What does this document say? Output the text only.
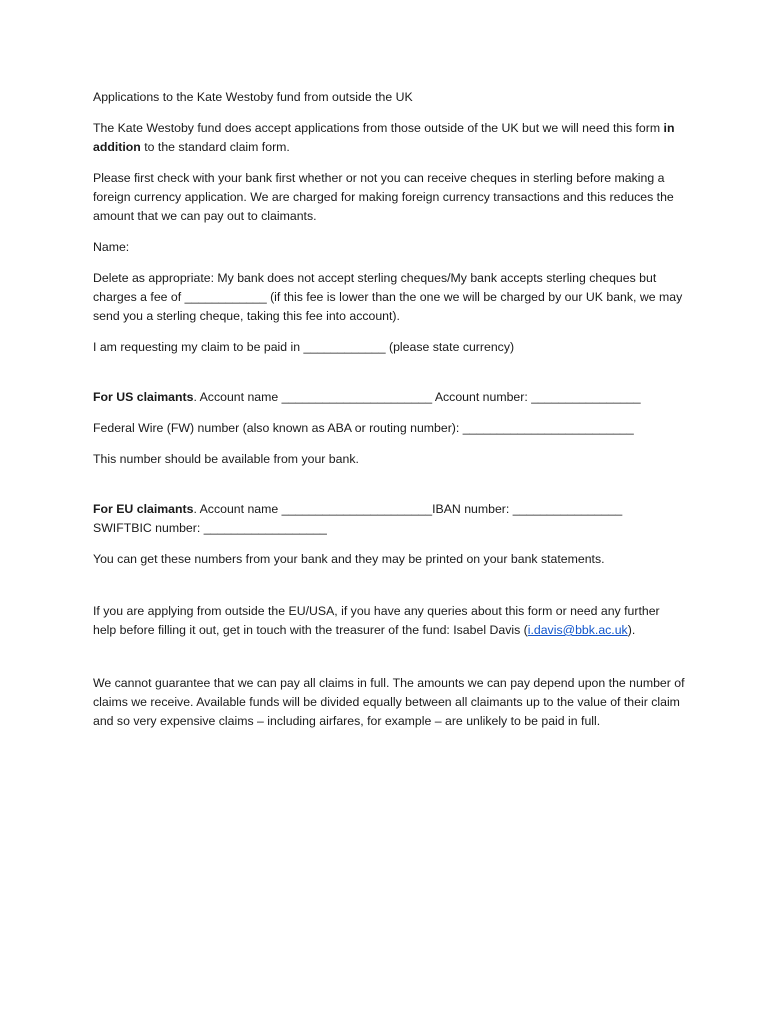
Applications to the Kate Westoby fund from outside the UK

The Kate Westoby fund does accept applications from those outside of the UK but we will need this form in addition to the standard claim form.

Please first check with your bank first whether or not you can receive cheques in sterling before making a foreign currency application. We are charged for making foreign currency transactions and this reduces the amount that we can pay out to claimants.

Name:

Delete as appropriate: My bank does not accept sterling cheques/My bank accepts sterling cheques but charges a fee of ____________ (if this fee is lower than the one we will be charged by our UK bank, we may send you a sterling cheque, taking this fee into account).

I am requesting my claim to be paid in ____________ (please state currency)

For US claimants. Account name ______________________ Account number: ________________

Federal Wire (FW) number (also known as ABA or routing number): _________________________

This number should be available from your bank.

For EU claimants. Account name ______________________IBAN number: ________________
SWIFTBIC number: __________________

You can get these numbers from your bank and they may be printed on your bank statements.

If you are applying from outside the EU/USA, if you have any queries about this form or need any further help before filling it out, get in touch with the treasurer of the fund: Isabel Davis (i.davis@bbk.ac.uk).

We cannot guarantee that we can pay all claims in full. The amounts we can pay depend upon the number of claims we receive. Available funds will be divided equally between all claimants up to the value of their claim and so very expensive claims – including airfares, for example – are unlikely to be paid in full.
